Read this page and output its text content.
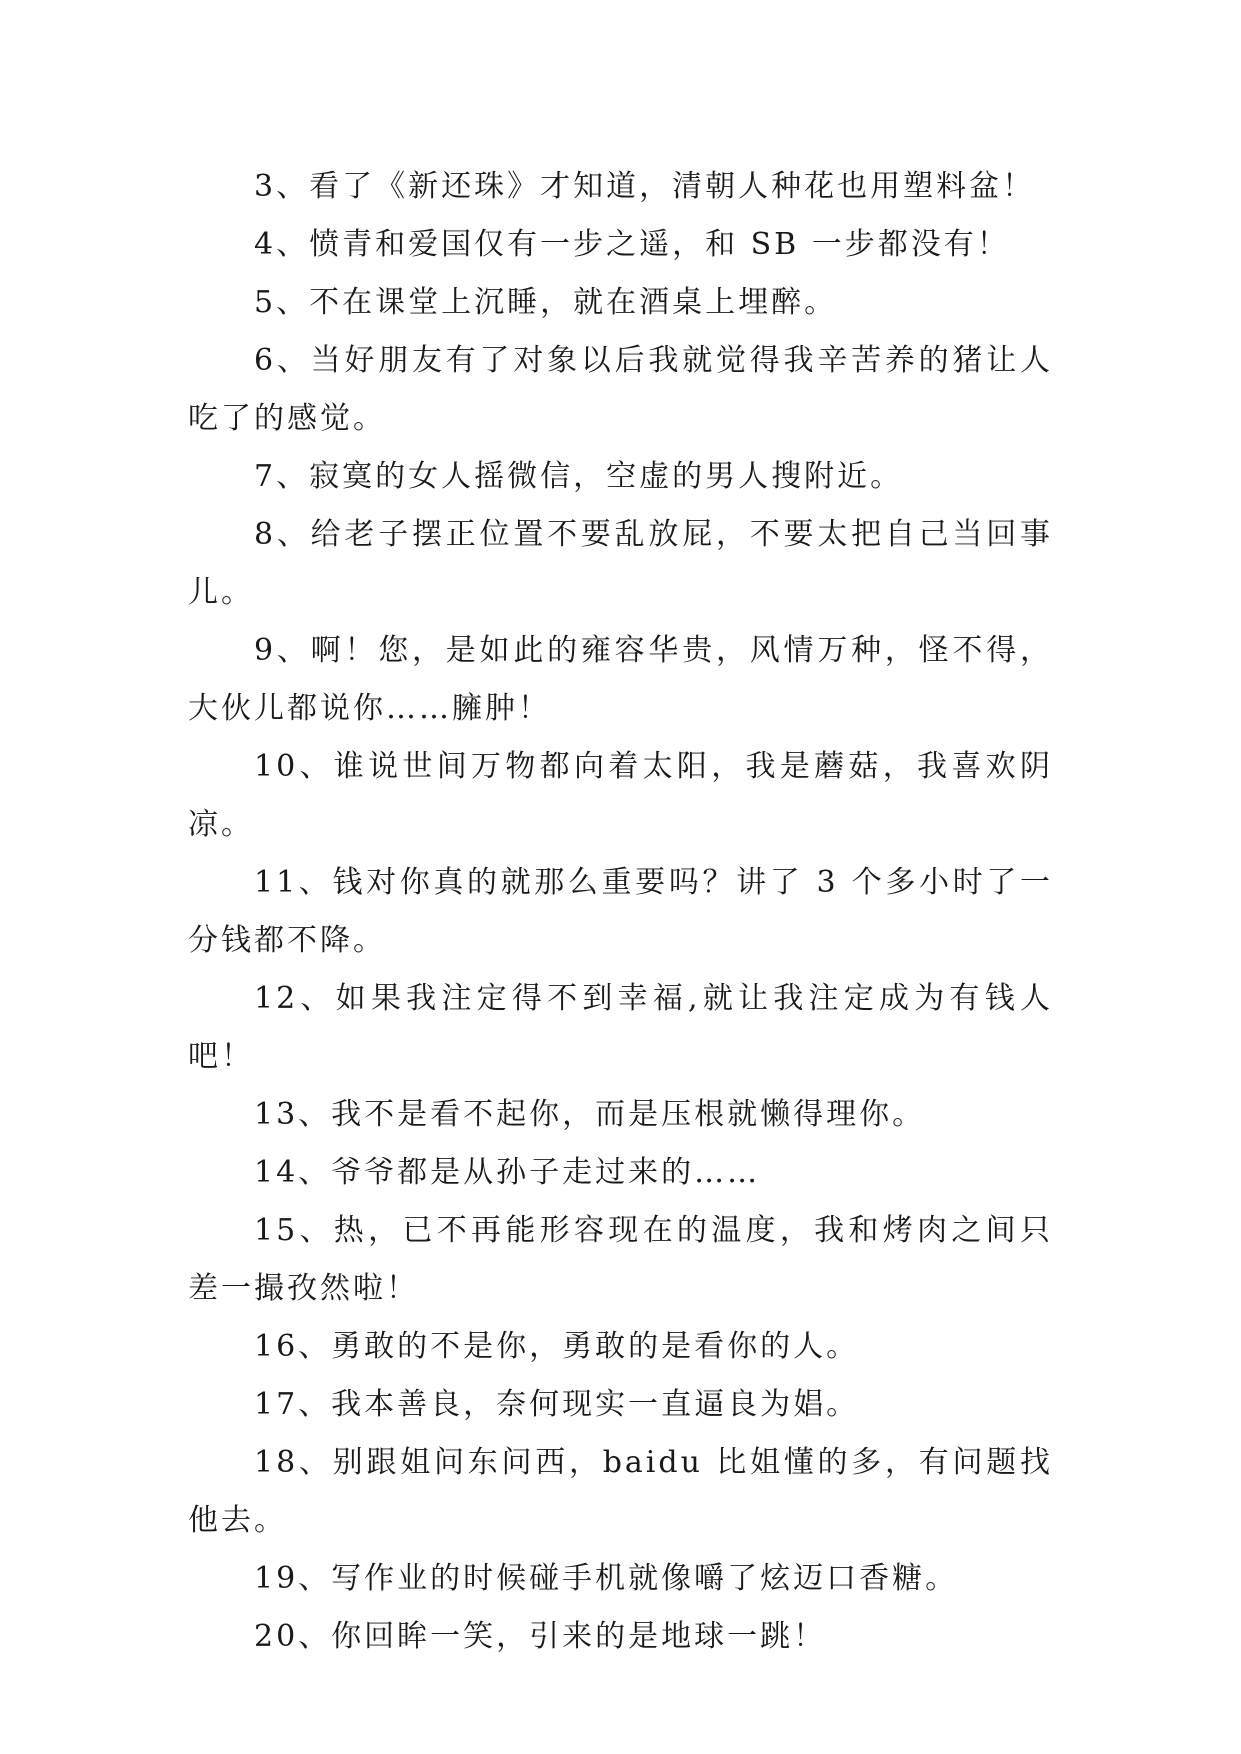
3、看了《新还珠》才知道，清朝人种花也用塑料盆！

4、愤青和爱国仅有一步之遥，和 SB 一步都没有！

5、不在课堂上沉睡，就在酒桌上埋醉。

6、当好朋友有了对象以后我就觉得我辛苦养的猪让人吃了的感觉。

7、寂寞的女人摇微信，空虚的男人搜附近。

8、给老子摆正位置不要乱放屁，不要太把自己当回事儿。

9、啊！您，是如此的雍容华贵，风情万种，怪不得，大伙儿都说你……臃肿！

10、谁说世间万物都向着太阳，我是蘑菇，我喜欢阴凉。

11、钱对你真的就那么重要吗？讲了 3 个多小时了一分钱都不降。

12、如果我注定得不到幸福,就让我注定成为有钱人吧！

13、我不是看不起你，而是压根就懒得理你。

14、爷爷都是从孙子走过来的……

15、热，已不再能形容现在的温度，我和烤肉之间只差一撮孜然啦！

16、勇敢的不是你，勇敢的是看你的人。

17、我本善良，奈何现实一直逼良为娼。

18、别跟姐问东问西，baidu 比姐懂的多，有问题找他去。

19、写作业的时候碰手机就像嚼了炫迈口香糖。

20、你回眸一笑，引来的是地球一跳！
